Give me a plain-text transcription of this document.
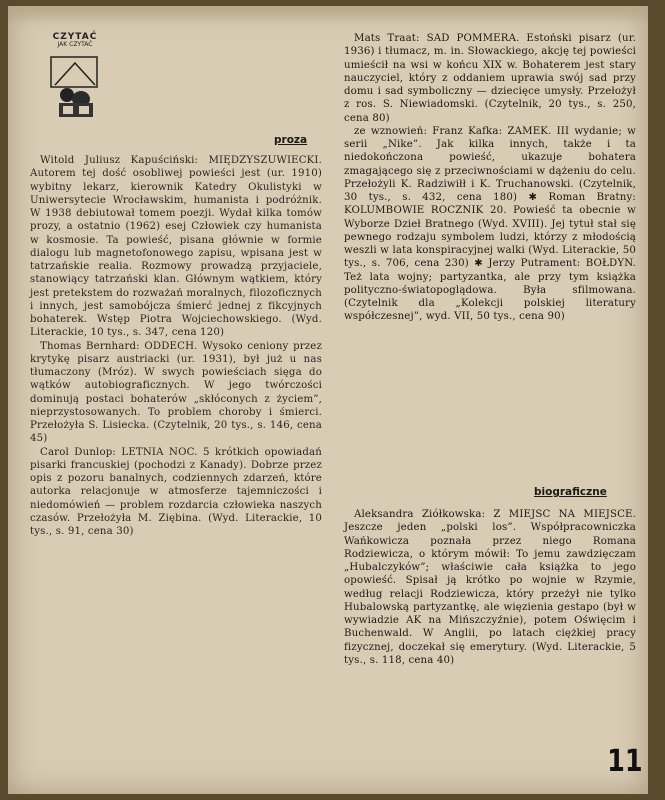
CZYTAĆ
JAK CZYTAĆ
proza

Witold Juliusz Kapuściński: MIĘDZYSZUWIECKI. Autorem tej dość osobliwej powieści jest (ur. 1910) wybitny lekarz, kierownik Katedry Okulistyki w Uniwersytecie Wrocławskim, humanista i podróżnik. W 1938 debiutował tomem poezji. Wydał kilka tomów prozy, a ostatnio (1962) esej Człowiek czy humanista w kosmosie. Ta powieść, pisana głównie w formie dialogu lub magnetofonowego zapisu, wpisana jest w tatrzańskie realia. Rozmowy prowadzą przyjaciele, stanowiący tatrzański klan. Głównym wątkiem, który jest pretekstem do rozważań moralnych, filozoficznych i innych, jest samobójcza śmierć jednej z fikcyjnych bohaterek. Wstęp Piotra Wojciechowskiego. (Wyd. Literackie, 10 tys., s. 347, cena 120)

Thomas Bernhard: ODDECH. Wysoko ceniony przez krytykę pisarz austriacki (ur. 1931), był już u nas tłumaczony (Mróz). W swych powieściach sięga do wątków autobiograficznych. W jego twórczości dominują postaci bohaterów „skłóconych z życiem”, nieprzystosowanych. To problem choroby i śmierci. Przełożyła S. Lisiecka. (Czytelnik, 20 tys., s. 146, cena 45)

Carol Dunlop: LETNIA NOC. 5 krótkich opowiadań pisarki francuskiej (pochodzi z Kanady). Dobrze przez opis z pozoru banalnych, codziennych zdarzeń, które autorka relacjonuje w atmosferze tajemniczości i niedomówień — problem rozdarcia człowieka naszych czasów. Przełożyła M. Ziębina. (Wyd. Literackie, 10 tys., s. 91, cena 30)

Mats Traat: SAD POMMERA. Estoński pisarz (ur. 1936) i tłumacz, m. in. Słowackiego, akcję tej powieści umieścił na wsi w końcu XIX w. Bohaterem jest stary nauczyciel, który z oddaniem uprawia swój sad przy domu i sad symboliczny — dziecięce umysły. Przełożył z ros. S. Niewiadomski. (Czytelnik, 20 tys., s. 250, cena 80)

ze wznowień: Franz Kafka: ZAMEK. III wydanie; w serii „Nike”. Jak kilka innych, także i ta niedokończona powieść, ukazuje bohatera zmagającego się z przeciwnościami w dążeniu do celu. Przełożyli K. Radziwiłł i K. Truchanowski. (Czytelnik, 30 tys., s. 432, cena 180) ✱ Roman Bratny: KOLUMBOWIE ROCZNIK 20. Powieść ta obecnie w Wyborze Dzieł Bratnego (Wyd. XVIII). Jej tytuł stał się pewnego rodzaju symbolem ludzi, którzy z młodością weszli w lata konspiracyjnej walki (Wyd. Literackie, 50 tys., s. 706, cena 230) ✱ Jerzy Putrament: BOŁDYN. Też lata wojny; partyzantka, ale przy tym książka polityczno-światopoglądowa. Była sfilmowana. (Czytelnik dla „Kolekcji polskiej literatury współczesnej”, wyd. VII, 50 tys., cena 90)

biograficzne

Aleksandra Ziółkowska: Z MIEJSC NA MIEJSCE. Jeszcze jeden „polski los”. Współpracowniczka Wańkowicza poznała przez niego Romana Rodziewicza, o którym mówił: To jemu zawdzięczam „Hubalczyków”; właściwie cała książka to jego opowieść. Spisał ją krótko po wojnie w Rzymie, według relacji Rodziewicza, który przeżył nie tylko Hubalowską partyzantkę, ale więzienia gestapo (był w wywiadzie AK na Mińszczyźnie), potem Oświęcim i Buchenwald. W Anglii, po latach ciężkiej pracy fizycznej, doczekał się emerytury. (Wyd. Literackie, 5 tys., s. 118, cena 40)

11
